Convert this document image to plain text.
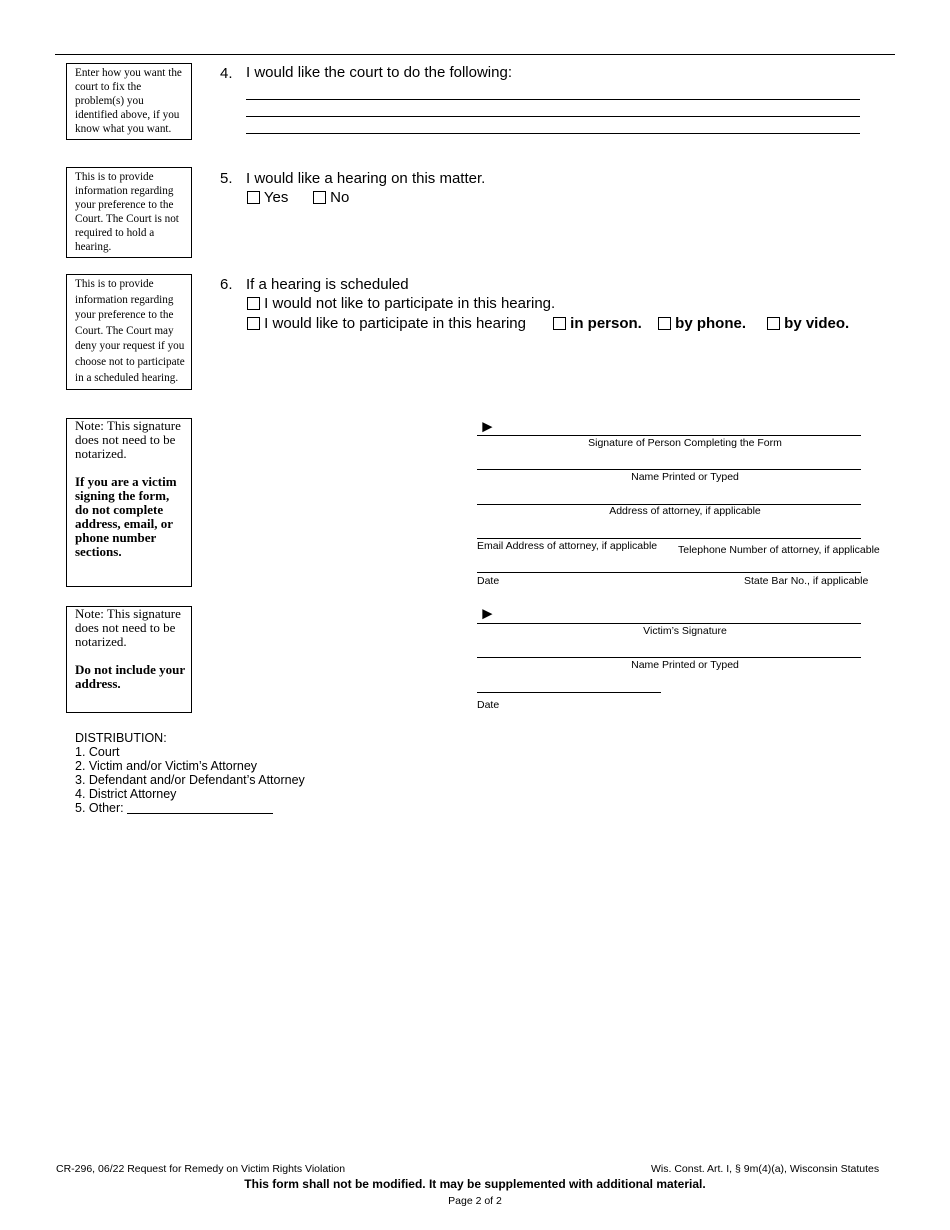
Enter how you want the court to fix the problem(s) you identified above, if you know what you want.
4. I would like the court to do the following:
This is to provide information regarding your preference to the Court. The Court is not required to hold a hearing.
5. I would like a hearing on this matter.
Yes	No
This is to provide information regarding your preference to the Court. The Court may deny your request if you choose not to participate in a scheduled hearing.
6. If a hearing is scheduled
I would not like to participate in this hearing.
I would like to participate in this hearing	in person.	by phone.	by video.
Note: This signature does not need to be notarized.
If you are a victim signing the form, do not complete address, email, or phone number sections.
►
Signature of Person Completing the Form
Name Printed or Typed
Address of attorney, if applicable
Email Address of attorney, if applicable Telephone Number of attorney, if applicable
Date	State Bar No., if applicable
Note: This signature does not need to be notarized.
Do not include your address.
►
Victim’s Signature
Name Printed or Typed
Date
DISTRIBUTION:
1. Court
2. Victim and/or Victim’s Attorney
3. Defendant and/or Defendant’s Attorney
4. District Attorney
5. Other:
CR-296, 06/22 Request for Remedy on Victim Rights Violation	Wis. Const. Art. I, § 9m(4)(a), Wisconsin Statutes
This form shall not be modified. It may be supplemented with additional material.
Page 2 of 2
